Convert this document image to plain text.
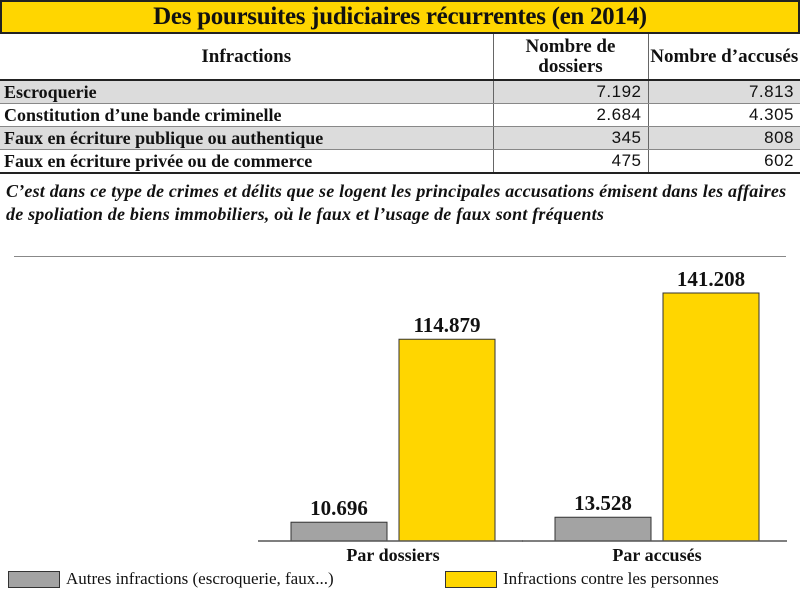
Des poursuites judiciaires récurrentes (en 2014)
Infractions	Nombre de dossiers	Nombre d’accusés
Escroquerie	7.192	7.813
Constitution d’une bande criminelle	2.684	4.305
Faux en écriture publique ou authentique	345	808
Faux en écriture privée ou de commerce	475	602
C’est dans ce type de crimes et délits que se logent les principales accusations émisent dans les affaires de spoliation de biens immobiliers, où le faux et l’usage de faux sont fréquents
10.696
114.879
Par dossiers
13.528
141.208
Par accusés
Autres infractions (escroquerie, faux...)	Infractions contre les personnes
